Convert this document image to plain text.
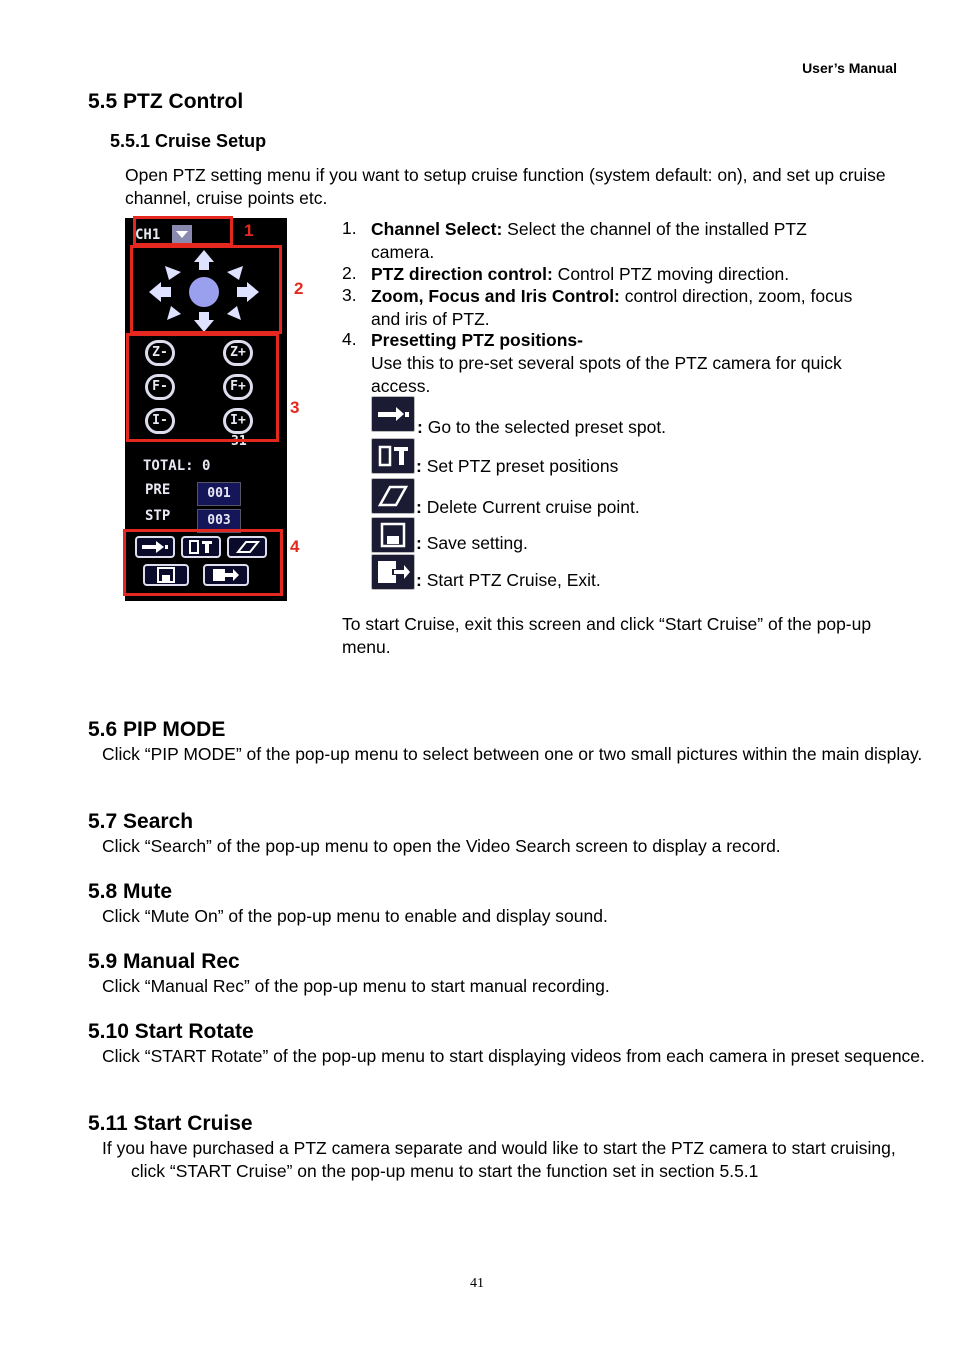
User’s Manual
5.5 PTZ Control
5.5.1 Cruise Setup
Open PTZ setting menu if you want to setup cruise function (system default: on), and set up cruise channel, cruise points etc.
CH1
Z-	Z+
F-	F+
I-	I+
31
TOTAL: 0
PRE	001
STP	003
1
2
3
4
1. Channel Select: Select the channel of the installed PTZ camera.
2. PTZ direction control: Control PTZ moving direction.
3. Zoom, Focus and Iris Control: control direction, zoom, focus and iris of PTZ.
4. Presetting PTZ positions-
Use this to pre-set several spots of the PTZ camera for quick access.
: Go to the selected preset spot.
: Set PTZ preset positions
: Delete Current cruise point.
: Save setting.
: Start PTZ Cruise, Exit.
To start Cruise, exit this screen and click “Start Cruise” of the pop-up menu.
5.6 PIP MODE
Click “PIP MODE” of the pop-up menu to select between one or two small pictures within the main display.
5.7 Search
Click “Search” of the pop-up menu to open the Video Search screen to display a record.
5.8 Mute
Click “Mute On” of the pop-up menu to enable and display sound.
5.9 Manual Rec
Click “Manual Rec” of the pop-up menu to start manual recording.
5.10 Start Rotate
Click “START Rotate” of the pop-up menu to start displaying videos from each camera in preset sequence.
5.11 Start Cruise
If you have purchased a PTZ camera separate and would like to start the PTZ camera to start cruising, click “START Cruise” on the pop-up menu to start the function set in section 5.5.1
41
